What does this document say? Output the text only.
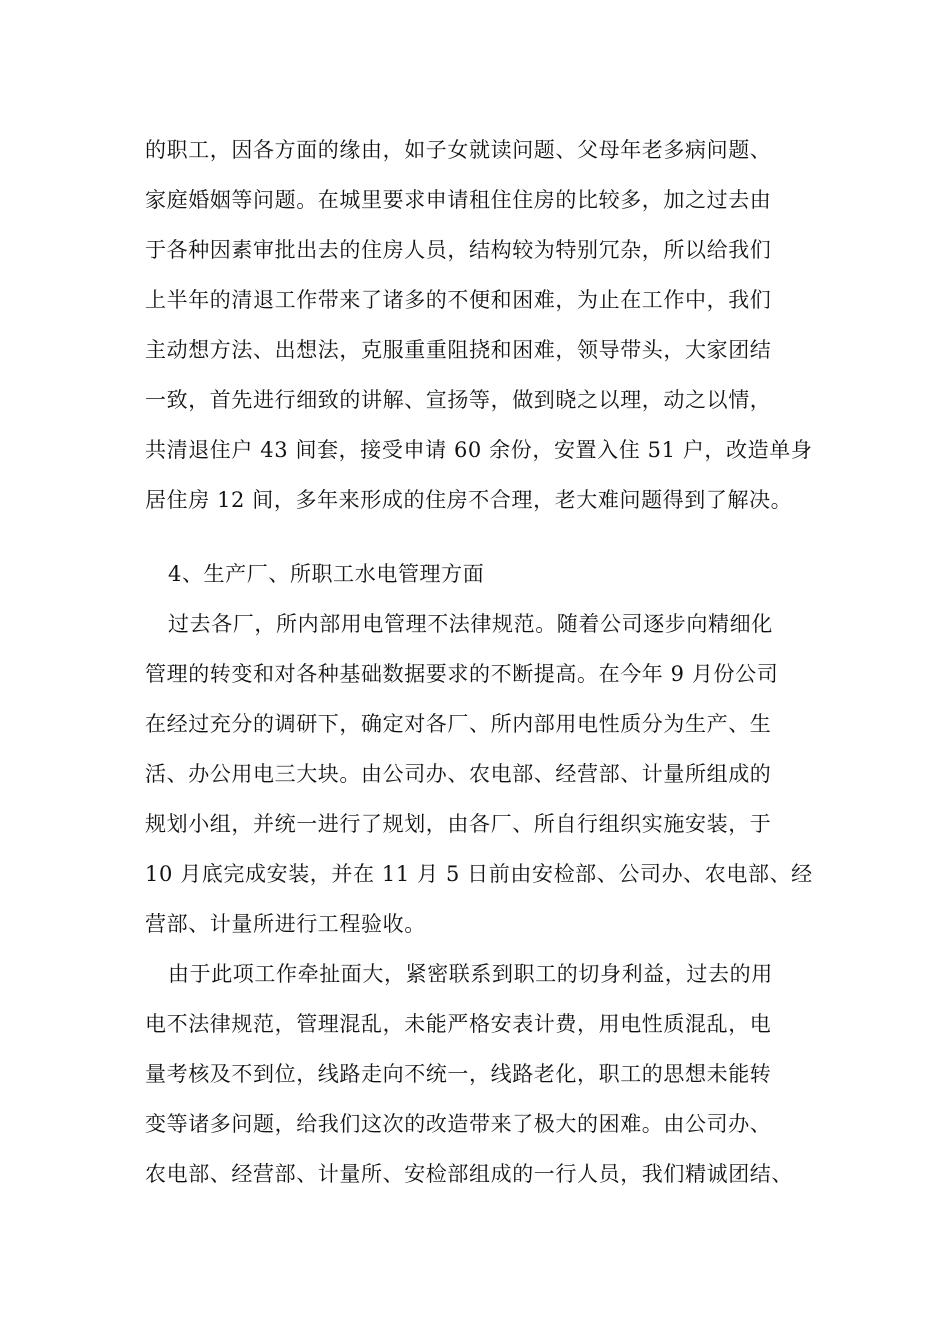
的职工，因各方面的缘由，如子女就读问题、父母年老多病问题、
家庭婚姻等问题。在城里要求申请租住住房的比较多，加之过去由
于各种因素审批出去的住房人员，结构较为特别冗杂，所以给我们
上半年的清退工作带来了诸多的不便和困难，为止在工作中，我们
主动想方法、出想法，克服重重阻挠和困难，领导带头，大家团结
一致，首先进行细致的讲解、宣扬等，做到晓之以理，动之以情，
共清退住户 43 间套，接受申请 60 余份，安置入住 51 户，改造单身
居住房 12 间，多年来形成的住房不合理，老大难问题得到了解决。
4、生产厂、所职工水电管理方面
过去各厂，所内部用电管理不法律规范。随着公司逐步向精细化
管理的转变和对各种基础数据要求的不断提高。在今年 9 月份公司
在经过充分的调研下，确定对各厂、所内部用电性质分为生产、生
活、办公用电三大块。由公司办、农电部、经营部、计量所组成的
规划小组，并统一进行了规划，由各厂、所自行组织实施安装，于
10 月底完成安装，并在 11 月 5 日前由安检部、公司办、农电部、经
营部、计量所进行工程验收。
由于此项工作牵扯面大，紧密联系到职工的切身利益，过去的用
电不法律规范，管理混乱，未能严格安表计费，用电性质混乱，电
量考核及不到位，线路走向不统一，线路老化，职工的思想未能转
变等诸多问题，给我们这次的改造带来了极大的困难。由公司办、
农电部、经营部、计量所、安检部组成的一行人员，我们精诚团结、
